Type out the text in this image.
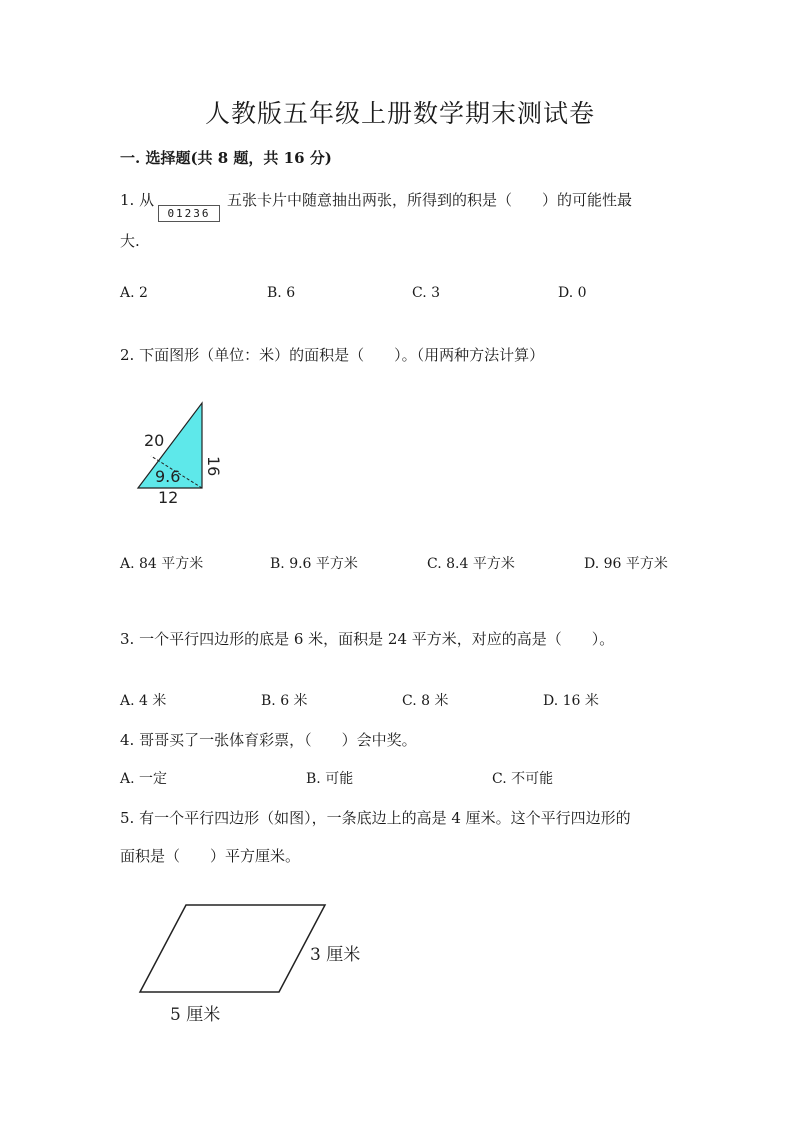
人教版五年级上册数学期末测试卷
一. 选择题(共 8 题，共 16 分)
1. 从
01236
五张卡片中随意抽出两张，所得到的积是（　　）的可能性最
大.
A. 2	B. 6	C. 3	D. 0
2. 下面图形（单位：米）的面积是（　　）。（用两种方法计算）
20
9.6
12
16
A. 84 平方米	B. 9.6 平方米	C. 8.4 平方米	D. 96 平方米
3. 一个平行四边形的底是 6 米，面积是 24 平方米，对应的高是（　　）。
A. 4 米	B. 6 米	C. 8 米	D. 16 米
4. 哥哥买了一张体育彩票，（　　）会中奖。
A. 一定	B. 可能	C. 不可能
5. 有一个平行四边形（如图），一条底边上的高是 4 厘米。这个平行四边形的
面积是（　　）平方厘米。
3 厘米
5 厘米
